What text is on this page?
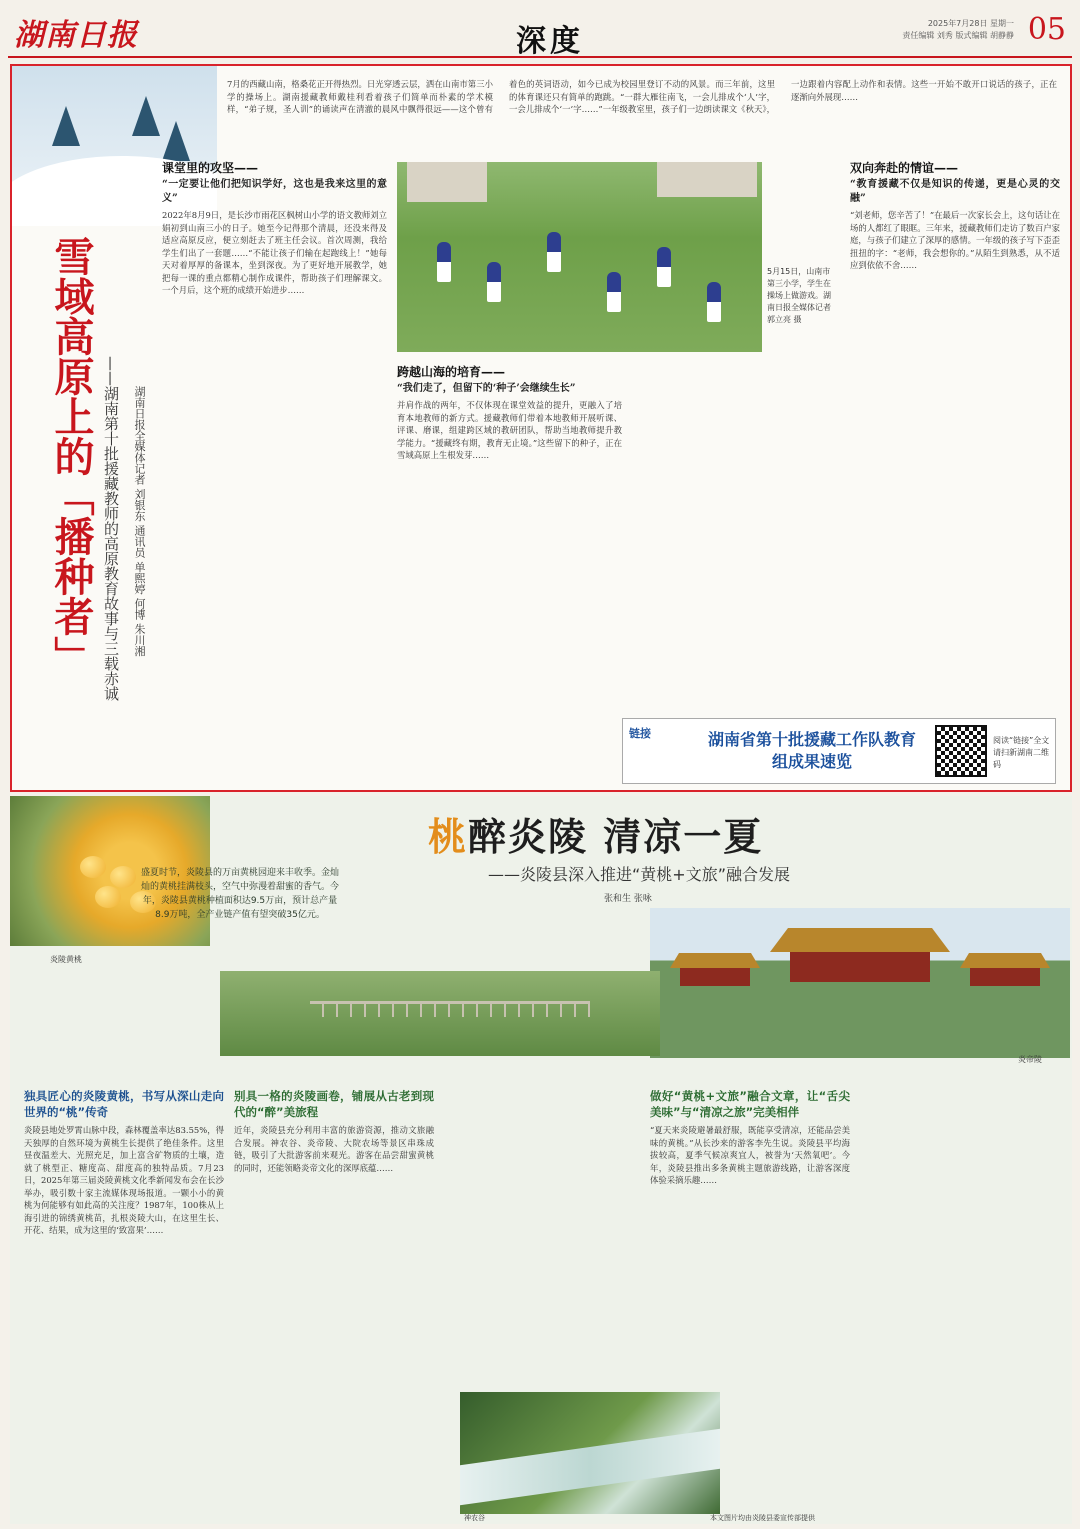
湖南日报	深度
2025年7月28日 星期一
责任编辑 刘秀 版式编辑 胡静静 05
雪域高原上的「播种者」 ——湖南第十批援藏教师的高原教育故事与三载赤诚	湖南日报全媒体记者 刘银东 通讯员 单熙婷 何博 朱川湘
7月的西藏山南，格桑花正开得热烈。日光穿透云层，洒在山南市第三小学的操场上。湖南援藏教师戴桂利看着孩子们简单而朴素的学术模样，“弟子规，圣人训”的诵读声在清澈的晨风中飘得很远——这个曾有着色的英词语动，如今已成为校园里登订不动的风景。而三年前，这里的体育课还只有简单的跑跳。“一群大雁往南飞，一会儿排成个‘人’字，一会儿排成个‘一’字……”一年级教室里，孩子们一边朗读课文《秋天》，一边跟着内容配上动作和表情。这些一开始不敢开口说话的孩子，正在逐渐向外展现……
课堂里的攻坚——
“一定要让他们把知识学好，这也是我来这里的意义”
2022年8月9日，是长沙市雨花区枫树山小学的语文教师刘立娟初到山南三小的日子。她至今记得那个清晨，还没来得及适应高原反应，便立刻赶去了班主任会议。首次周测，我给学生们出了一套题……“不能让孩子们输在起跑线上！”她每天对着厚厚的备课本，坐到深夜。为了更好地开展教学，她把每一课的重点都精心制作成课件，帮助孩子们理解课文。一个月后，这个班的成绩开始进步……
5月15日，山南市第三小学，学生在操场上做游戏。湖南日报全媒体记者 郭立亮 摄
跨越山海的培育——
“我们走了，但留下的‘种子’会继续生长”
并肩作战的两年，不仅体现在课堂效益的提升，更融入了培育本地教师的新方式。援藏教师们带着本地教师开展听课、评课、磨课，组建跨区域的教研团队，帮助当地教师提升教学能力。“援藏终有期，教育无止境。”这些留下的种子，正在雪域高原上生根发芽……
双向奔赴的情谊——
“教育援藏不仅是知识的传递，更是心灵的交融”
“刘老师，您辛苦了！”在最后一次家长会上，这句话让在场的人都红了眼眶。三年来，援藏教师们走访了数百户家庭，与孩子们建立了深厚的感情。一年级的孩子写下歪歪扭扭的字：“老师，我会想你的。”从陌生到熟悉，从不适应到依依不舍……
链接	湖南省第十批援藏工作队教育组成果速览
阅读“链接”全文请扫新湖南二维码
炎陵黄桃
桃醉炎陵 清凉一夏
——炎陵县深入推进“黄桃+文旅”融合发展
张和生 张咏
盛夏时节，炎陵县的万亩黄桃园迎来丰收季。金灿灿的黄桃挂满枝头，空气中弥漫着甜蜜的香气。今年，炎陵县黄桃种植面积达9.5万亩，预计总产量8.9万吨，全产业链产值有望突破35亿元。
炎帝陵
独具匠心的炎陵黄桃，书写从深山走向世界的“桃”传奇
炎陵县地处罗霄山脉中段，森林覆盖率达83.55%，得天独厚的自然环境为黄桃生长提供了绝佳条件。这里昼夜温差大、光照充足，加上富含矿物质的土壤，造就了桃型正、糖度高、甜度高的独特品质。7月23日，2025年第三届炎陵黄桃文化季新闻发布会在长沙举办，吸引数十家主流媒体现场报道。一颗小小的黄桃为何能够有如此高的关注度？1987年，100株从上海引进的锦绣黄桃苗，扎根炎陵大山，在这里生长、开花、结果，成为这里的‘致富果’……
别具一格的炎陵画卷，铺展从古老到现代的“醉”美旅程
近年，炎陵县充分利用丰富的旅游资源，推动文旅融合发展。神农谷、炎帝陵、大院农场等景区串珠成链，吸引了大批游客前来观光。游客在品尝甜蜜黄桃的同时，还能领略炎帝文化的深厚底蕴……
做好“黄桃+文旅”融合文章，让“舌尖美味”与“清凉之旅”完美相伴
“夏天来炎陵避暑最舒服，既能享受清凉，还能品尝美味的黄桃。”从长沙来的游客李先生说。炎陵县平均海拔较高，夏季气候凉爽宜人，被誉为‘天然氧吧’。今年，炎陵县推出多条黄桃主题旅游线路，让游客深度体验采摘乐趣……
神农谷	本文图片均由炎陵县委宣传部提供
